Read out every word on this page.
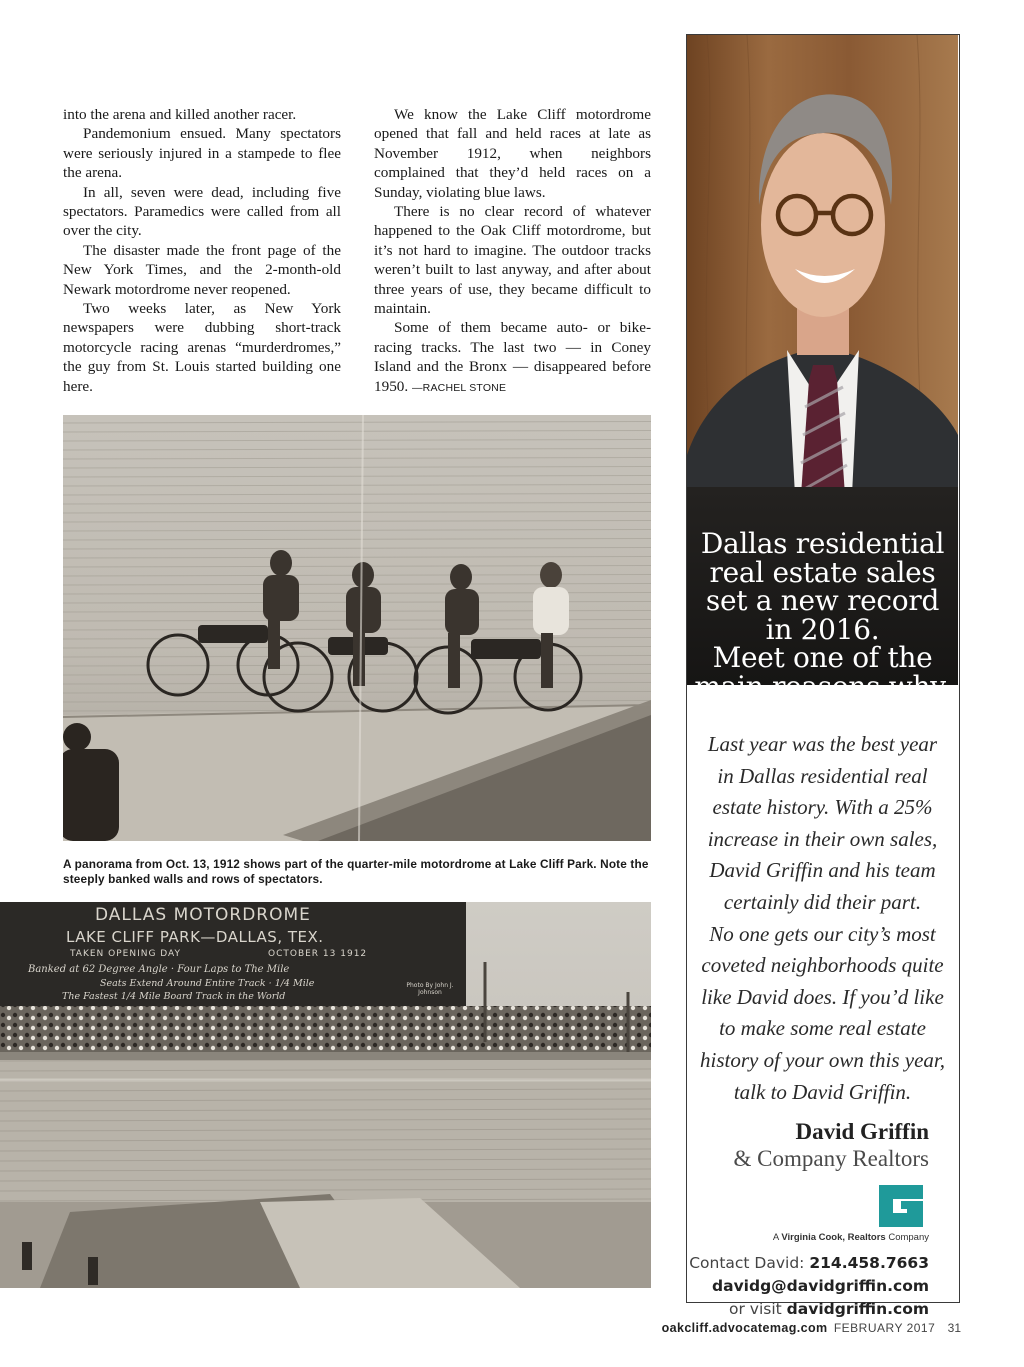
into the arena and killed another racer.

Pandemonium ensued. Many spectators were seriously injured in a stampede to flee the arena.

In all, seven were dead, including five spectators. Paramedics were called from all over the city.

The disaster made the front page of the New York Times, and the 2-month-old Newark motordrome never reopened.

Two weeks later, as New York newspapers were dubbing short-track motorcycle racing arenas “murderdromes,” the guy from St. Louis started building one here.

We know the Lake Cliff motordrome opened that fall and held races at late as November 1912, when neighbors complained that they’d held races on a Sunday, violating blue laws.

There is no clear record of whatever happened to the Oak Cliff motordrome, but it’s not hard to imagine. The outdoor tracks weren’t built to last anyway, and after about three years of use, they became difficult to maintain.

Some of them became auto- or bike-racing tracks. The last two — in Coney Island and the Bronx — disappeared before 1950. —RACHEL STONE

A panorama from Oct. 13, 1912 shows part of the quarter-mile motordrome at Lake Cliff Park. Note the steeply banked walls and rows of spectators.
DALLAS MOTORDROME
LAKE CLIFF PARK—DALLAS, TEX.
TAKEN OPENING DAY	OCTOBER 13 1912
Banked at 62 Degree Angle · Four Laps to The Mile
Seats Extend Around Entire Track · 1/4 Mile
The Fastest 1/4 Mile Board Track in the World
Photo By John J. Johnson
Dallas residential
real estate sales
set a new record
in 2016.
Meet one of the
main reasons why.
Last year was the best year
in Dallas residential real
estate history. With a 25%
increase in their own sales,
David Griffin and his team
certainly did their part.
No one gets our city’s most
coveted neighborhoods quite
like David does. If you’d like
to make some real estate
history of your own this year,
talk to David Griffin.
David Griffin
& Company Realtors
A Virginia Cook, Realtors Company
Contact David: 214.458.7663
davidg@davidgriffin.com
or visit davidgriffin.com
oakcliff.advocatemag.com FEBRUARY 2017 31
